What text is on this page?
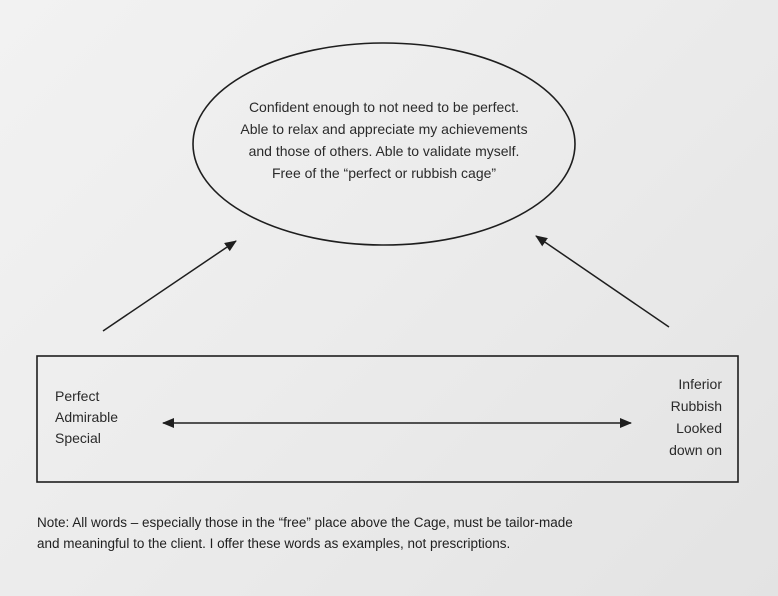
Confident enough to not need to be perfect.
Able to relax and appreciate my achievements
and those of others. Able to validate myself.
Free of the “perfect or rubbish cage”
Perfect
Admirable
Special
Inferior
Rubbish
Looked
down on
Note: All words – especially those in the “free” place above the Cage, must be tailor-made
and meaningful to the client. I offer these words as examples, not prescriptions.
